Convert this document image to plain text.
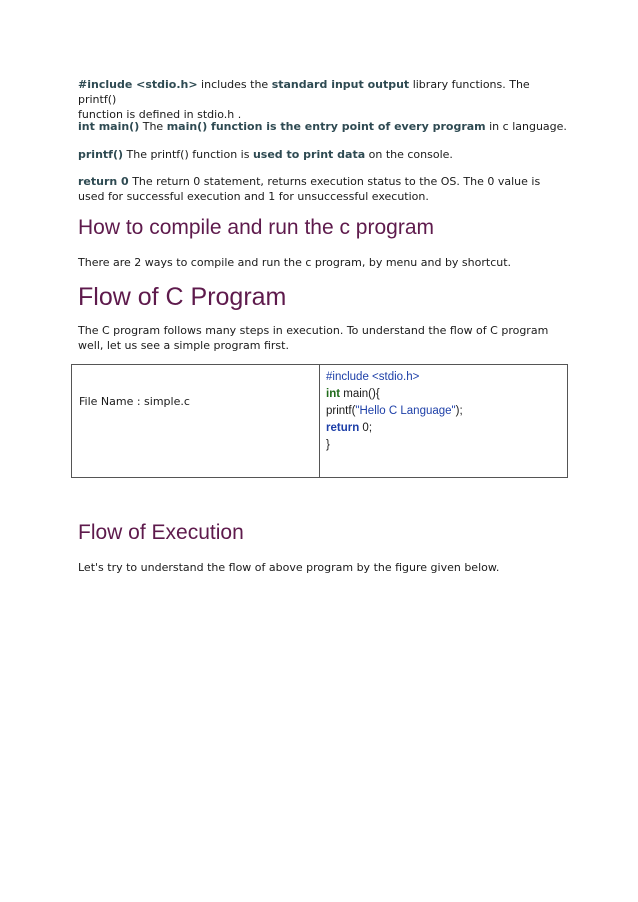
#include <stdio.h> includes the standard input output library functions. The printf()
function is defined in stdio.h .

int main() The main() function is the entry point of every program in c language.

printf() The printf() function is used to print data on the console.

return 0 The return 0 statement, returns execution status to the OS. The 0 value is
used for successful execution and 1 for unsuccessful execution.

How to compile and run the c program

There are 2 ways to compile and run the c program, by menu and by shortcut.

Flow of C Program

The C program follows many steps in execution. To understand the flow of C program
well, let us see a simple program first.

File Name : simple.c

#include <stdio.h>
int main(){
printf("Hello C Language");
return 0;
}
Flow of Execution

Let's try to understand the flow of above program by the figure given below.
